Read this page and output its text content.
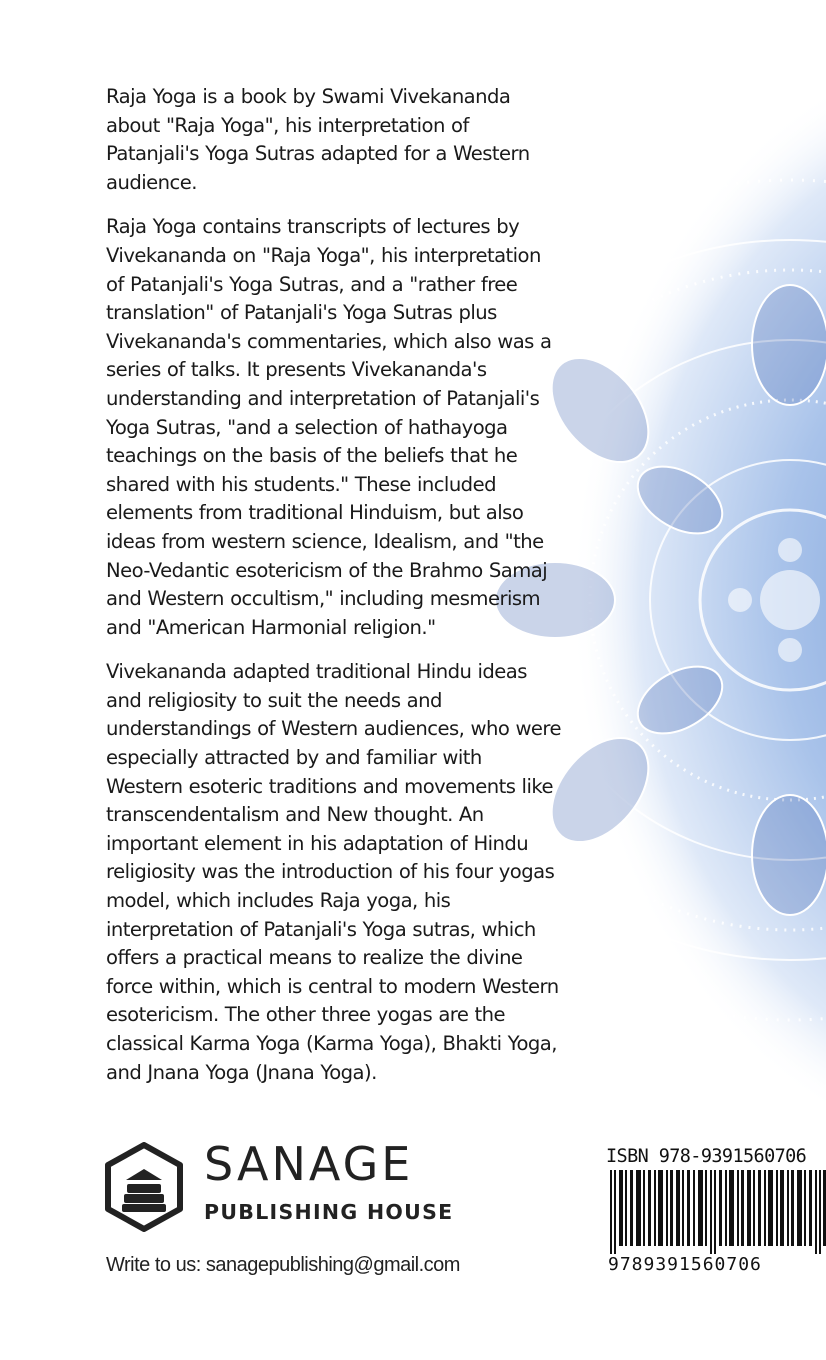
Raja Yoga is a book by Swami Vivekananda about "Raja Yoga", his interpretation of Patanjali's Yoga Sutras adapted for a Western audience.

Raja Yoga contains transcripts of lectures by Vivekananda on "Raja Yoga", his interpretation of Patanjali's Yoga Sutras, and a "rather free translation" of Patanjali's Yoga Sutras plus Vivekananda's commentaries, which also was a series of talks. It presents Vivekananda's understanding and interpretation of Patanjali's Yoga Sutras, "and a selection of hathayoga teachings on the basis of the beliefs that he shared with his students." These included elements from traditional Hinduism, but also ideas from western science, Idealism, and "the Neo-Vedantic esotericism of the Brahmo Samaj and Western occultism," including mesmerism and "American Harmonial religion."

Vivekananda adapted traditional Hindu ideas and religiosity to suit the needs and understandings of Western audiences, who were especially attracted by and familiar with Western esoteric traditions and movements like transcendentalism and New thought. An important element in his adaptation of Hindu religiosity was the introduction of his four yogas model, which includes Raja yoga, his interpretation of Patanjali's Yoga sutras, which offers a practical means to realize the divine force within, which is central to modern Western esotericism. The other three yogas are the classical Karma Yoga (Karma Yoga), Bhakti Yoga, and Jnana Yoga (Jnana Yoga).

SANAGE
PUBLISHING HOUSE
Write to us: sanagepublishing@gmail.com
ISBN 978-9391560706
9789391560706
